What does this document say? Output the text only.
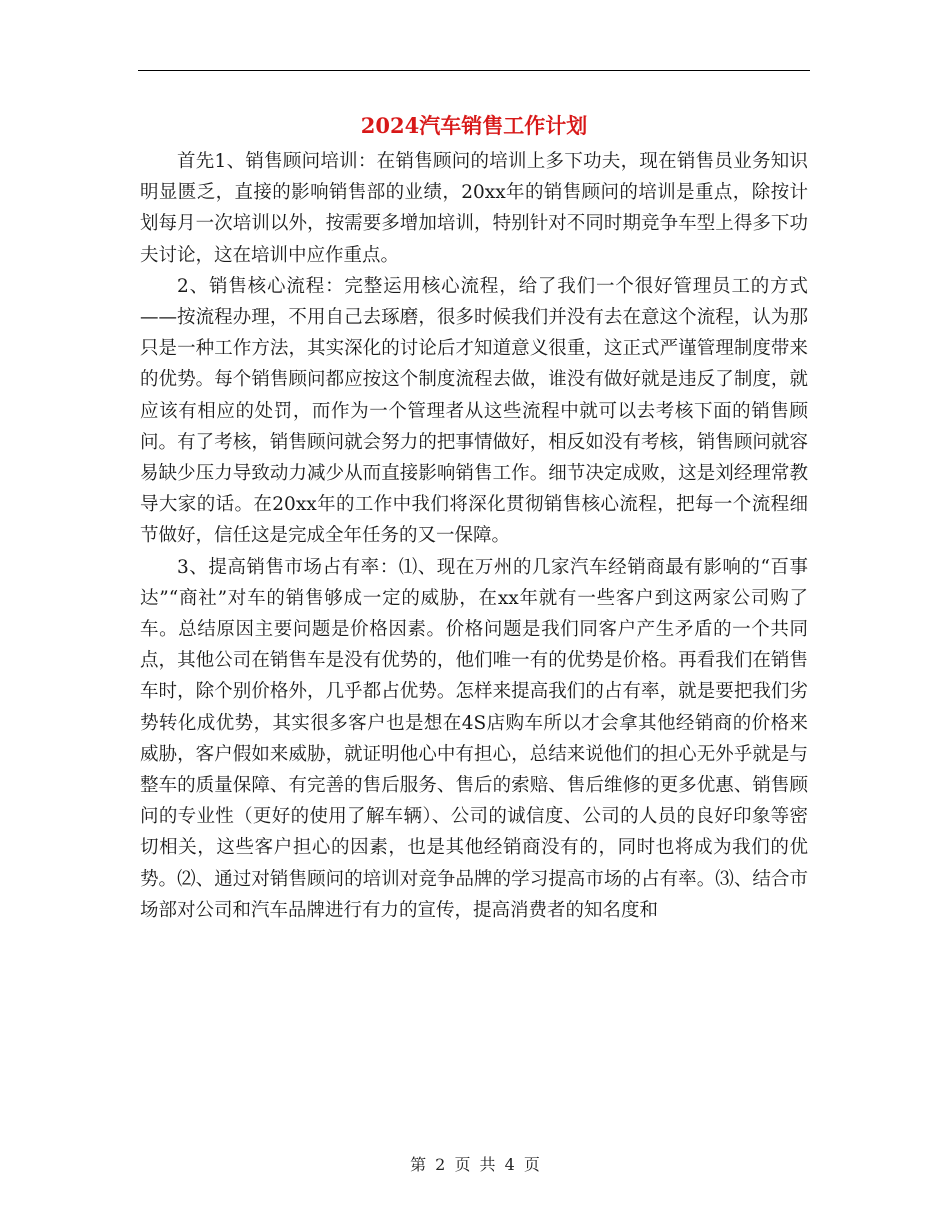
2024汽车销售工作计划

首先1、销售顾问培训：在销售顾问的培训上多下功夫，现在销售员业务知识明显匮乏，直接的影响销售部的业绩，20xx年的销售顾问的培训是重点，除按计划每月一次培训以外，按需要多增加培训，特别针对不同时期竞争车型上得多下功夫讨论，这在培训中应作重点。

2、销售核心流程：完整运用核心流程，给了我们一个很好管理员工的方式——按流程办理，不用自己去琢磨，很多时候我们并没有去在意这个流程，认为那只是一种工作方法，其实深化的讨论后才知道意义很重，这正式严谨管理制度带来的优势。每个销售顾问都应按这个制度流程去做，谁没有做好就是违反了制度，就应该有相应的处罚，而作为一个管理者从这些流程中就可以去考核下面的销售顾问。有了考核，销售顾问就会努力的把事情做好，相反如没有考核，销售顾问就容易缺少压力导致动力减少从而直接影响销售工作。细节决定成败，这是刘经理常教导大家的话。在20xx年的工作中我们将深化贯彻销售核心流程，把每一个流程细节做好，信任这是完成全年任务的又一保障。

3、提高销售市场占有率：⑴、现在万州的几家汽车经销商最有影响的“百事达”“商社”对车的销售够成一定的威胁，在xx年就有一些客户到这两家公司购了车。总结原因主要问题是价格因素。价格问题是我们同客户产生矛盾的一个共同点，其他公司在销售车是没有优势的，他们唯一有的优势是价格。再看我们在销售车时，除个别价格外，几乎都占优势。怎样来提高我们的占有率，就是要把我们劣势转化成优势，其实很多客户也是想在4S店购车所以才会拿其他经销商的价格来威胁，客户假如来威胁，就证明他心中有担心，总结来说他们的担心无外乎就是与整车的质量保障、有完善的售后服务、售后的索赔、售后维修的更多优惠、销售顾问的专业性（更好的使用了解车辆）、公司的诚信度、公司的人员的良好印象等密切相关，这些客户担心的因素，也是其他经销商没有的，同时也将成为我们的优势。⑵、通过对销售顾问的培训对竞争品牌的学习提高市场的占有率。⑶、结合市场部对公司和汽车品牌进行有力的宣传，提高消费者的知名度和

第 2 页 共 4 页
